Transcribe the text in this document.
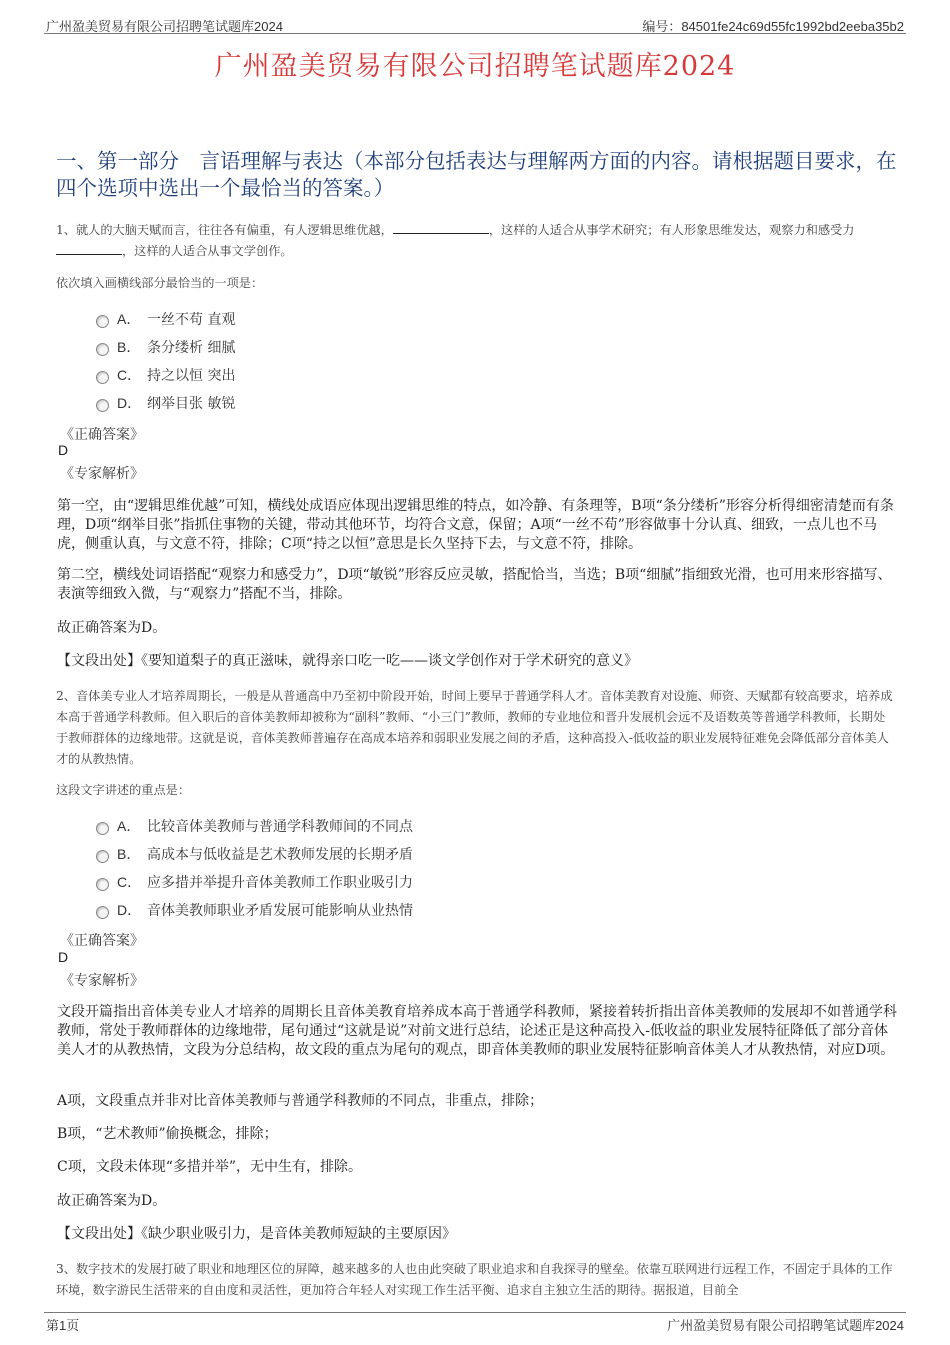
广州盈美贸易有限公司招聘笔试题库2024	编号：84501fe24c69d55fc1992bd2eeba35b2
广州盈美贸易有限公司招聘笔试题库2024
一、第一部分　言语理解与表达（本部分包括表达与理解两方面的内容。请根据题目要求，在四个选项中选出一个最恰当的答案。）
1、就人的大脑天赋而言，往往各有偏重，有人逻辑思维优越，	，这样的人适合从事学术研究；有人形象思维发达，观察力和感受力，这样的人适合从事文学创作。
依次填入画横线部分最恰当的一项是：
A． 一丝不苟 直观
B． 条分缕析 细腻
C． 持之以恒 突出
D． 纲举目张 敏锐
《正确答案》
D
《专家解析》
第一空，由“逻辑思维优越”可知，横线处成语应体现出逻辑思维的特点，如冷静、有条理等，B项“条分缕析”形容分析得细密清楚而有条理，D项“纲举目张”指抓住事物的关键，带动其他环节，均符合文意，保留；A项“一丝不苟”形容做事十分认真、细致，一点儿也不马虎，侧重认真，与文意不符，排除；C项“持之以恒”意思是长久坚持下去，与文意不符，排除。
第二空，横线处词语搭配“观察力和感受力”，D项“敏锐”形容反应灵敏，搭配恰当，当选；B项“细腻”指细致光滑，也可用来形容描写、表演等细致入微，与“观察力”搭配不当，排除。
故正确答案为D。
【文段出处】《要知道梨子的真正滋味，就得亲口吃一吃——谈文学创作对于学术研究的意义》
2、音体美专业人才培养周期长，一般是从普通高中乃至初中阶段开始，时间上要早于普通学科人才。音体美教育对设施、师资、天赋都有较高要求，培养成本高于普通学科教师。但入职后的音体美教师却被称为“副科”教师、“小三门”教师，教师的专业地位和晋升发展机会远不及语数英等普通学科教师，长期处于教师群体的边缘地带。这就是说，音体美教师普遍存在高成本培养和弱职业发展之间的矛盾，这种高投入-低收益的职业发展特征难免会降低部分音体美人才的从教热情。
这段文字讲述的重点是：
A． 比较音体美教师与普通学科教师间的不同点
B． 高成本与低收益是艺术教师发展的长期矛盾
C． 应多措并举提升音体美教师工作职业吸引力
D． 音体美教师职业矛盾发展可能影响从业热情
《正确答案》
D
《专家解析》
文段开篇指出音体美专业人才培养的周期长且音体美教育培养成本高于普通学科教师，紧接着转折指出音体美教师的发展却不如普通学科教师，常处于教师群体的边缘地带，尾句通过“这就是说”对前文进行总结，论述正是这种高投入-低收益的职业发展特征降低了部分音体美人才的从教热情，文段为分总结构，故文段的重点为尾句的观点，即音体美教师的职业发展特征影响音体美人才从教热情，对应D项。
A项，文段重点并非对比音体美教师与普通学科教师的不同点，非重点，排除；
B项，“艺术教师”偷换概念，排除；
C项，文段未体现“多措并举”，无中生有，排除。
故正确答案为D。
【文段出处】《缺少职业吸引力，是音体美教师短缺的主要原因》
3、数字技术的发展打破了职业和地理区位的屏障，越来越多的人也由此突破了职业追求和自我探寻的壁垒。依靠互联网进行远程工作，不固定于具体的工作环境，数字游民生活带来的自由度和灵活性，更加符合年轻人对实现工作生活平衡、追求自主独立生活的期待。据报道，目前全
第1页	广州盈美贸易有限公司招聘笔试题库2024
